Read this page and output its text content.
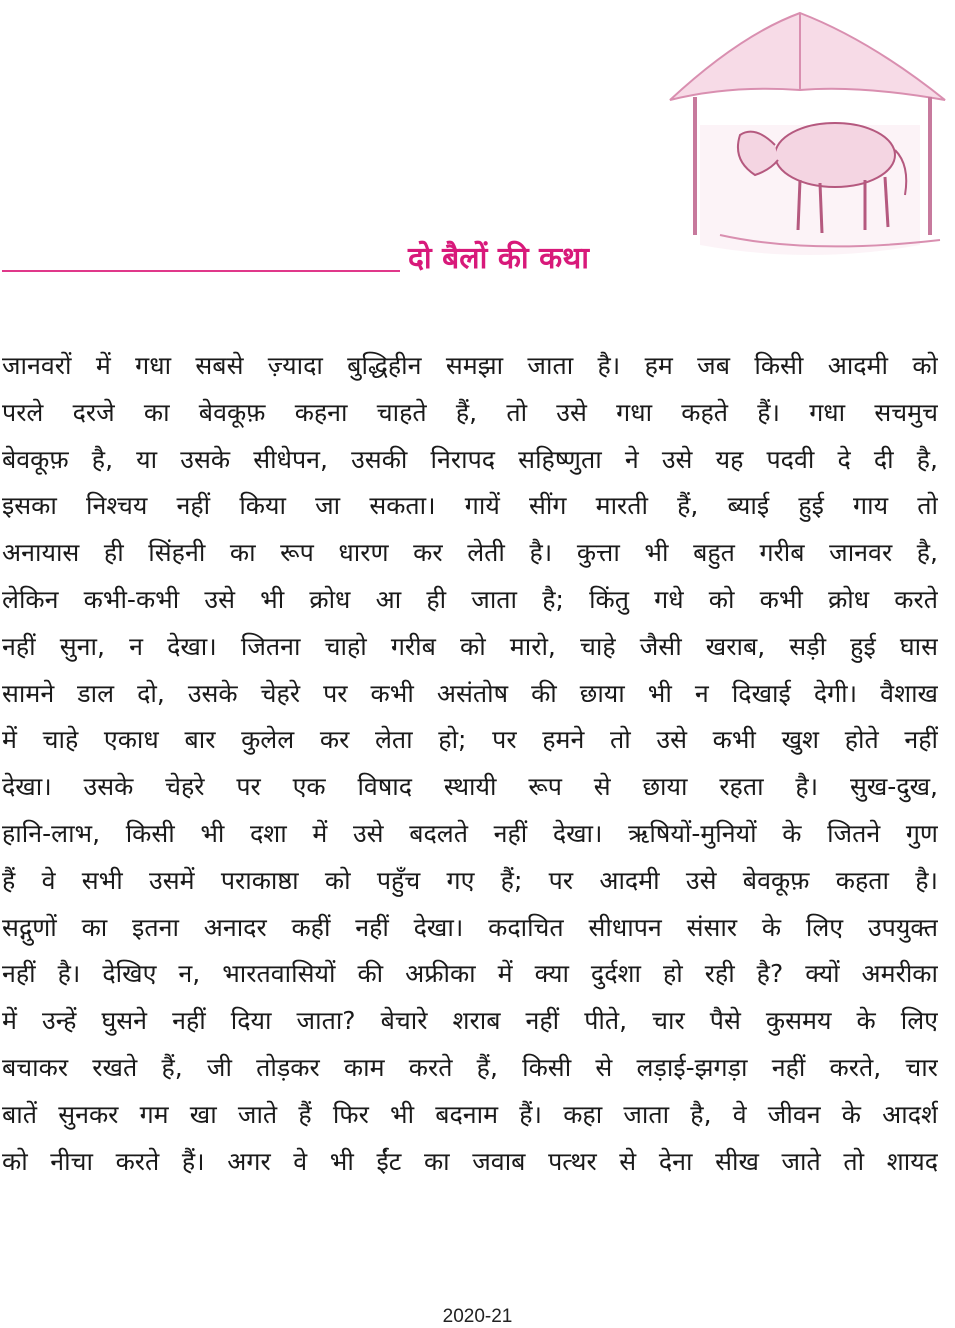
दो बैलों की कथा
जानवरों में गधा सबसे ज़्यादा बुद्धिहीन समझा जाता है। हम जब किसी आदमी को
परले दरजे का बेवकूफ़ कहना चाहते हैं, तो उसे गधा कहते हैं। गधा सचमुच
बेवकूफ़ है, या उसके सीधेपन, उसकी निरापद सहिष्णुता ने उसे यह पदवी दे दी है,
इसका निश्चय नहीं किया जा सकता। गायें सींग मारती हैं, ब्याई हुई गाय तो
अनायास ही सिंहनी का रूप धारण कर लेती है। कुत्ता भी बहुत गरीब जानवर है,
लेकिन कभी-कभी उसे भी क्रोध आ ही जाता है; किंतु गधे को कभी क्रोध करते
नहीं सुना, न देखा। जितना चाहो गरीब को मारो, चाहे जैसी खराब, सड़ी हुई घास
सामने डाल दो, उसके चेहरे पर कभी असंतोष की छाया भी न दिखाई देगी। वैशाख
में चाहे एकाध बार कुलेल कर लेता हो; पर हमने तो उसे कभी खुश होते नहीं
देखा। उसके चेहरे पर एक विषाद स्थायी रूप से छाया रहता है। सुख-दुख,
हानि-लाभ, किसी भी दशा में उसे बदलते नहीं देखा। ऋषियों-मुनियों के जितने गुण
हैं वे सभी उसमें पराकाष्ठा को पहुँच गए हैं; पर आदमी उसे बेवकूफ़ कहता है।
सद्गुणों का इतना अनादर कहीं नहीं देखा। कदाचित सीधापन संसार के लिए उपयुक्त
नहीं है। देखिए न, भारतवासियों की अफ्रीका में क्या दुर्दशा हो रही है? क्यों अमरीका
में उन्हें घुसने नहीं दिया जाता? बेचारे शराब नहीं पीते, चार पैसे कुसमय के लिए
बचाकर रखते हैं, जी तोड़कर काम करते हैं, किसी से लड़ाई-झगड़ा नहीं करते, चार
बातें सुनकर गम खा जाते हैं फिर भी बदनाम हैं। कहा जाता है, वे जीवन के आदर्श
को नीचा करते हैं। अगर वे भी ईंट का जवाब पत्थर से देना सीख जाते तो शायद
2020-21
